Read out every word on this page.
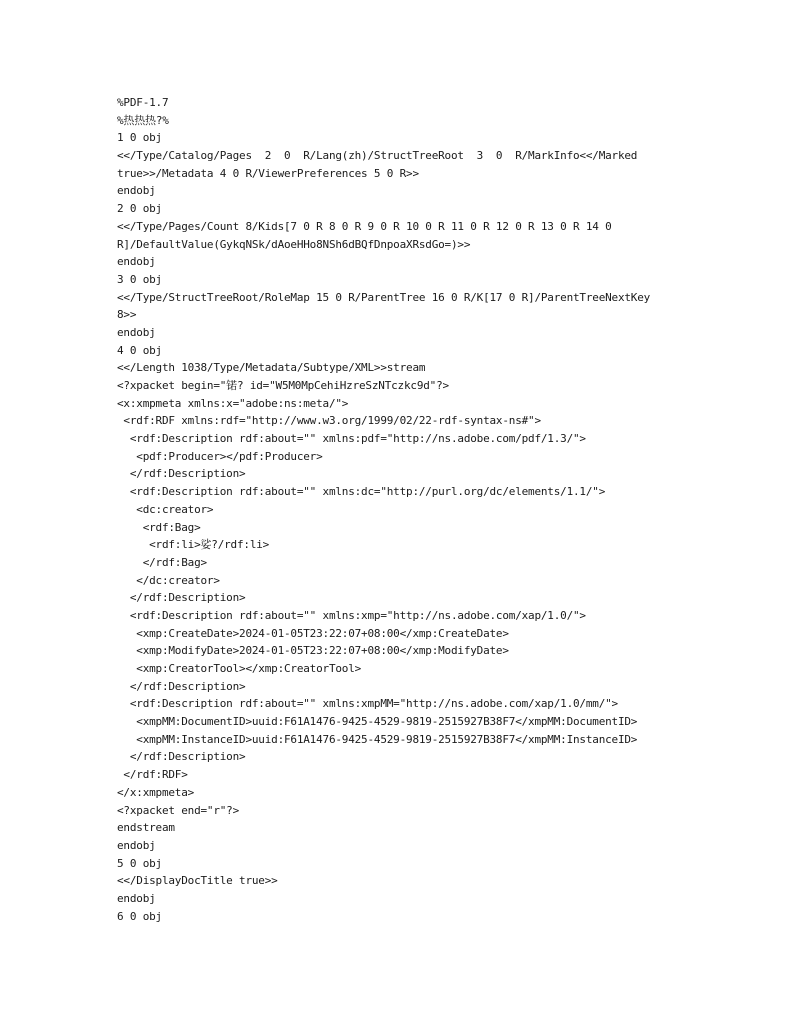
%PDF-1.7
%热热热?%
1 0 obj
<</Type/Catalog/Pages  2  0  R/Lang(zh)/StructTreeRoot  3  0  R/MarkInfo<</Marked
true>>/Metadata 4 0 R/ViewerPreferences 5 0 R>>
endobj
2 0 obj
<</Type/Pages/Count 8/Kids[7 0 R 8 0 R 9 0 R 10 0 R 11 0 R 12 0 R 13 0 R 14 0
R]/DefaultValue(GykqNSk/dAoeHHo8NSh6dBQfDnpoaXRsdGo=)>>
endobj
3 0 obj
<</Type/StructTreeRoot/RoleMap 15 0 R/ParentTree 16 0 R/K[17 0 R]/ParentTreeNextKey
8>>
endobj
4 0 obj
<</Length 1038/Type/Metadata/Subtype/XML>>stream
<?xpacket begin="锘? id="W5M0MpCehiHzreSzNTczkc9d"?>
<x:xmpmeta xmlns:x="adobe:ns:meta/">
<rdf:RDF xmlns:rdf="http://www.w3.org/1999/02/22-rdf-syntax-ns#">
<rdf:Description rdf:about="" xmlns:pdf="http://ns.adobe.com/pdf/1.3/">
<pdf:Producer></pdf:Producer>
</rdf:Description>
<rdf:Description rdf:about="" xmlns:dc="http://purl.org/dc/elements/1.1/">
<dc:creator>
<rdf:Bag>
<rdf:li>娑?/rdf:li>
</rdf:Bag>
</dc:creator>
</rdf:Description>
<rdf:Description rdf:about="" xmlns:xmp="http://ns.adobe.com/xap/1.0/">
<xmp:CreateDate>2024-01-05T23:22:07+08:00</xmp:CreateDate>
<xmp:ModifyDate>2024-01-05T23:22:07+08:00</xmp:ModifyDate>
<xmp:CreatorTool></xmp:CreatorTool>
</rdf:Description>
<rdf:Description rdf:about="" xmlns:xmpMM="http://ns.adobe.com/xap/1.0/mm/">
<xmpMM:DocumentID>uuid:F61A1476-9425-4529-9819-2515927B38F7</xmpMM:DocumentID>
<xmpMM:InstanceID>uuid:F61A1476-9425-4529-9819-2515927B38F7</xmpMM:InstanceID>
</rdf:Description>
</rdf:RDF>
</x:xmpmeta>
<?xpacket end="r"?>
endstream
endobj
5 0 obj
<</DisplayDocTitle true>>
endobj
6 0 obj
